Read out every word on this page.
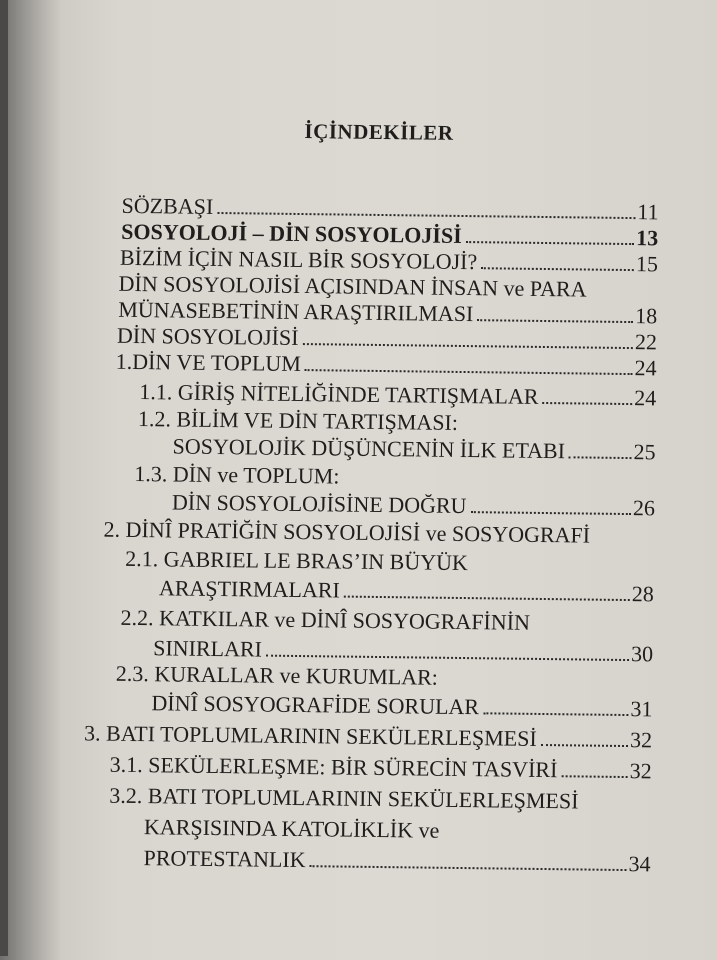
İÇİNDEKİLER
SÖZBAŞI	11
SOSYOLOJİ – DİN SOSYOLOJİSİ	13
BİZİM İÇİN NASIL BİR SOSYOLOJİ?	15
DİN SOSYOLOJİSİ AÇISINDAN İNSAN ve PARA
MÜNASEBETİNİN ARAŞTIRILMASI	18
DİN SOSYOLOJİSİ	22
1.DİN VE TOPLUM	24
1.1. GİRİŞ NİTELİĞİNDE TARTIŞMALAR	24
1.2. BİLİM VE DİN TARTIŞMASI:
SOSYOLOJİK DÜŞÜNCENİN İLK ETABI	25
1.3. DİN ve TOPLUM:
DİN SOSYOLOJİSİNE DOĞRU	26
2. DİNÎ PRATİĞİN SOSYOLOJİSİ ve SOSYOGRAFİ
2.1. GABRIEL LE BRAS’IN BÜYÜK
ARAŞTIRMALARI	28
2.2. KATKILAR ve DİNÎ SOSYOGRAFİNİN
SINIRLARI	30
2.3. KURALLAR ve KURUMLAR:
DİNÎ SOSYOGRAFİDE SORULAR	31
3. BATI TOPLUMLARININ SEKÜLERLEŞMESİ	32
3.1. SEKÜLERLEŞME: BİR SÜRECİN TASVİRİ	32
3.2. BATI TOPLUMLARININ SEKÜLERLEŞMESİ
KARŞISINDA KATOLİKLİK ve
PROTESTANLIK	34
